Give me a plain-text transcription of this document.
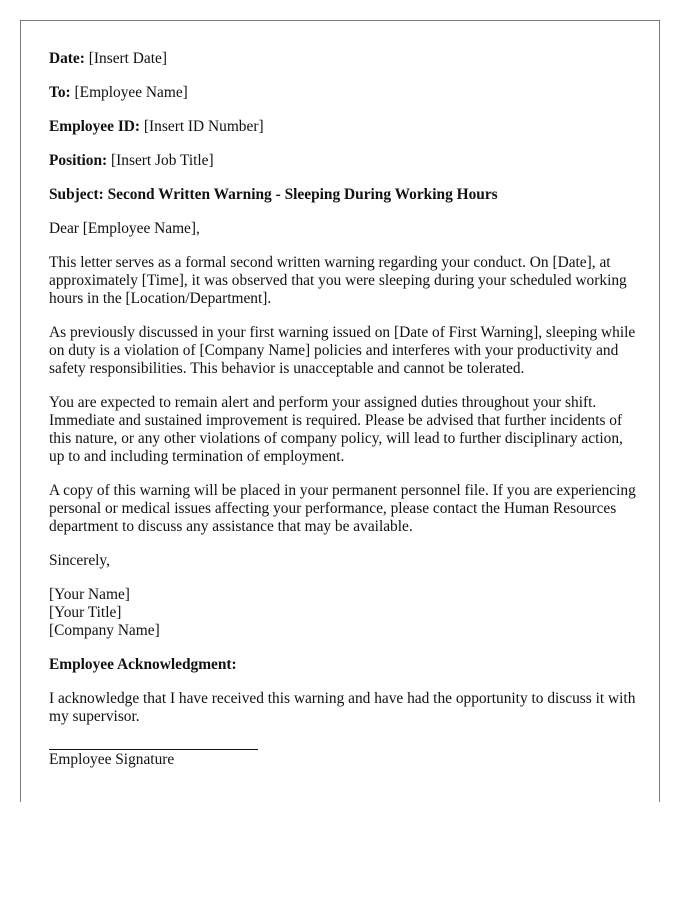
Date: [Insert Date]

To: [Employee Name]

Employee ID: [Insert ID Number]

Position: [Insert Job Title]

Subject: Second Written Warning - Sleeping During Working Hours

Dear [Employee Name],

This letter serves as a formal second written warning regarding your conduct. On [Date], at approximately [Time], it was observed that you were sleeping during your scheduled working hours in the [Location/Department].

As previously discussed in your first warning issued on [Date of First Warning], sleeping while on duty is a violation of [Company Name] policies and interferes with your productivity and safety responsibilities. This behavior is unacceptable and cannot be tolerated.

You are expected to remain alert and perform your assigned duties throughout your shift. Immediate and sustained improvement is required. Please be advised that further incidents of this nature, or any other violations of company policy, will lead to further disciplinary action, up to and including termination of employment.

A copy of this warning will be placed in your permanent personnel file. If you are experiencing personal or medical issues affecting your performance, please contact the Human Resources department to discuss any assistance that may be available.

Sincerely,

[Your Name]
[Your Title]
[Company Name]

Employee Acknowledgment:

I acknowledge that I have received this warning and have had the opportunity to discuss it with my supervisor.

Employee Signature
